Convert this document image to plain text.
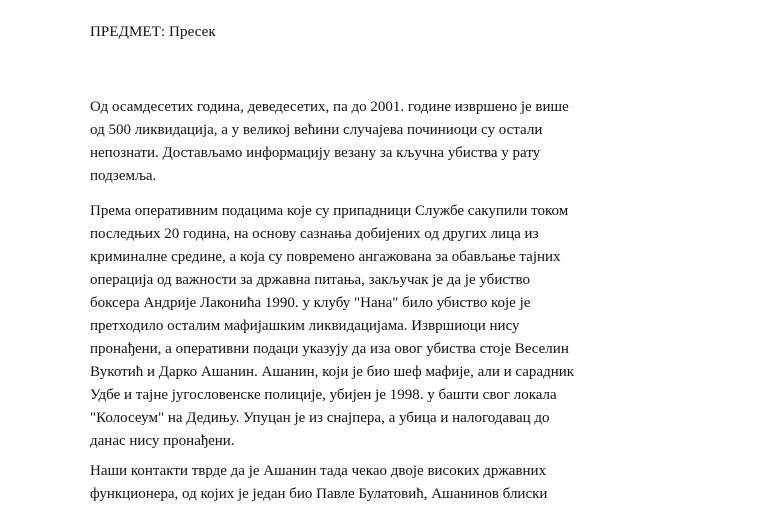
ПРЕДМЕТ: Пресек
Од осамдесетих година, деведесетих, па до 2001. године извршено је више
од 500 ликвидација, а у великој већини случајева починиоци су остали
непознати. Достављамо информацију везану за кључна убиства у рату
подземља.
Према оперативним подацима које су припадници Службе сакупили током
последњих 20 година, на основу сазнања добијених од других лица из
криминалне средине, а која су повремено ангажована за обављање тајних
операција од важности за државна питања, закључак је да је убиство
боксера Андрије Лаконића 1990. у клубу "Нана" било убиство које је
претходило осталим мафијашким ликвидацијама. Извршиоци нису
пронађени, а оперативни подаци указују да иза овог убиства стоје Веселин
Вукотић и Дарко Ашанин. Ашанин, који је био шеф мафије, али и сарадник
Удбе и тајне југословенске полиције, убијен је 1998. у башти свог локала
"Колосеум" на Дедињу. Упуцан је из снајпера, а убица и налогодавац до
данас нису пронађени.
Наши контакти тврде да је Ашанин тада чекао двоје високих државних
функционера, од којих је један био Павле Булатовић, Ашанинов блиски
